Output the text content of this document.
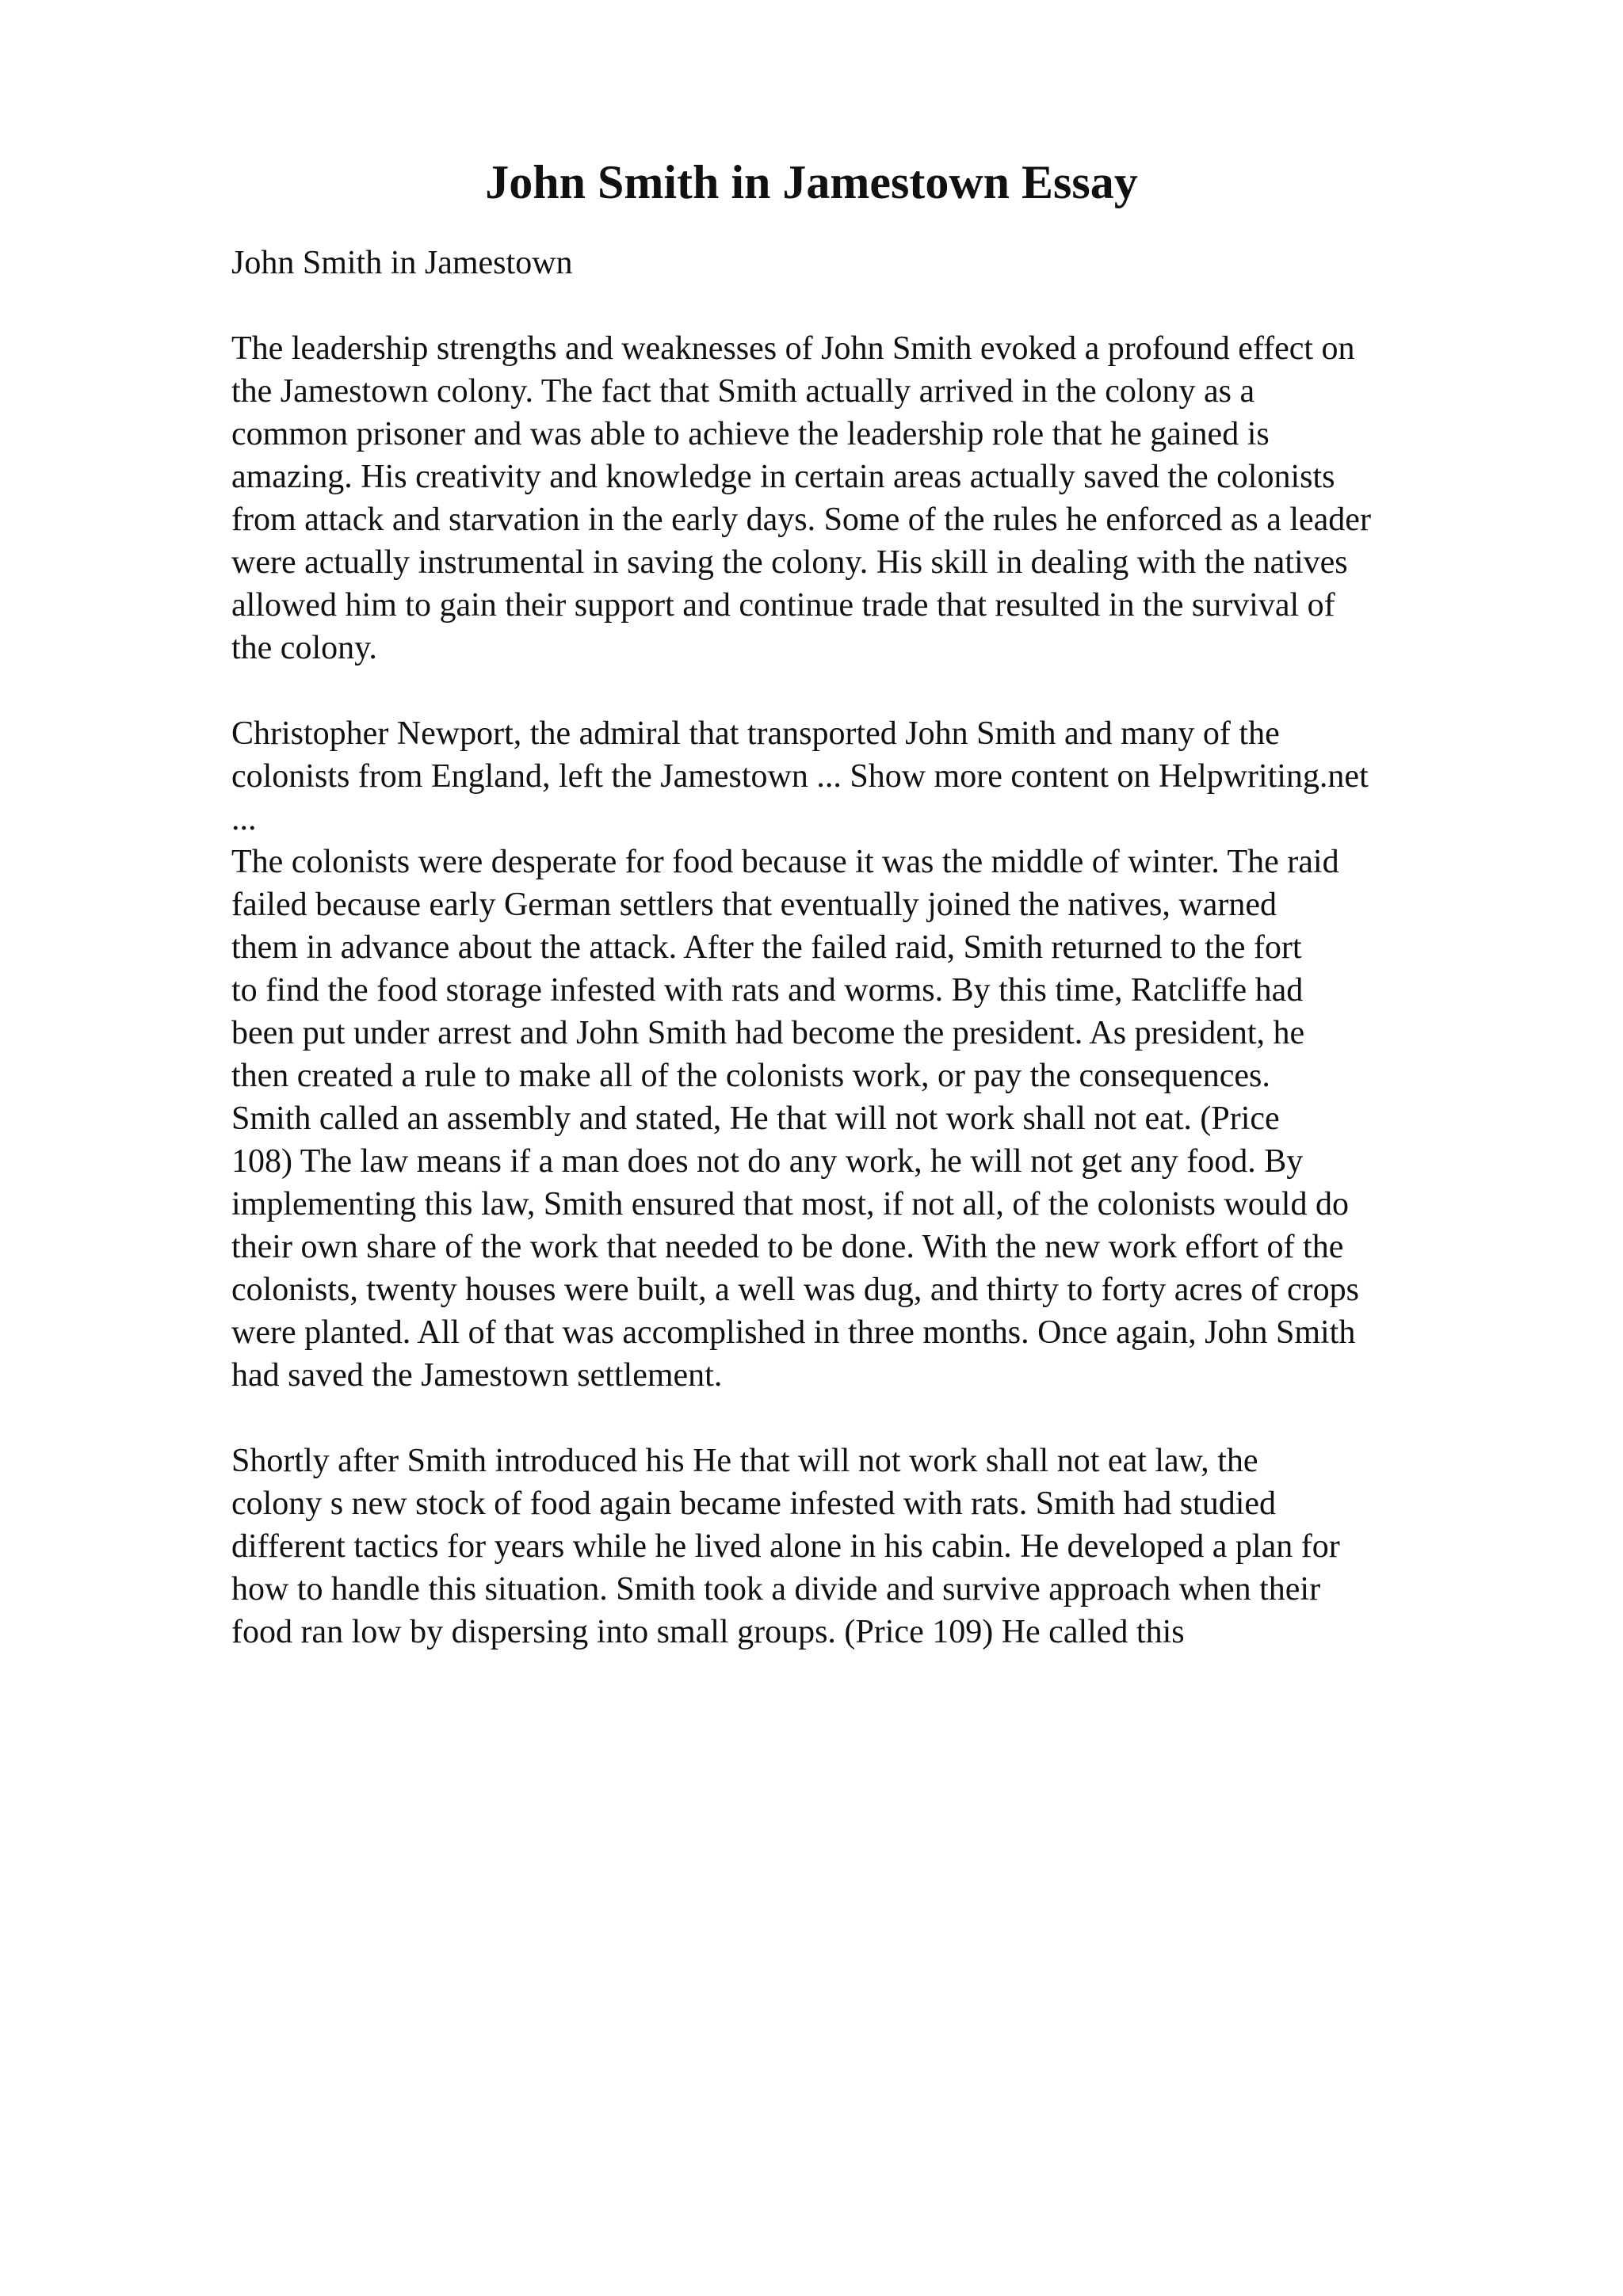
John Smith in Jamestown Essay
John Smith in Jamestown
The leadership strengths and weaknesses of John Smith evoked a profound effect on
the Jamestown colony. The fact that Smith actually arrived in the colony as a
common prisoner and was able to achieve the leadership role that he gained is
amazing. His creativity and knowledge in certain areas actually saved the colonists
from attack and starvation in the early days. Some of the rules he enforced as a leader
were actually instrumental in saving the colony. His skill in dealing with the natives
allowed him to gain their support and continue trade that resulted in the survival of
the colony.
Christopher Newport, the admiral that transported John Smith and many of the
colonists from England, left the Jamestown ... Show more content on Helpwriting.net
...
The colonists were desperate for food because it was the middle of winter. The raid
failed because early German settlers that eventually joined the natives, warned
them in advance about the attack. After the failed raid, Smith returned to the fort
to find the food storage infested with rats and worms. By this time, Ratcliffe had
been put under arrest and John Smith had become the president. As president, he
then created a rule to make all of the colonists work, or pay the consequences.
Smith called an assembly and stated, He that will not work shall not eat. (Price
108) The law means if a man does not do any work, he will not get any food. By
implementing this law, Smith ensured that most, if not all, of the colonists would do
their own share of the work that needed to be done. With the new work effort of the
colonists, twenty houses were built, a well was dug, and thirty to forty acres of crops
were planted. All of that was accomplished in three months. Once again, John Smith
had saved the Jamestown settlement.
Shortly after Smith introduced his He that will not work shall not eat law, the
colony s new stock of food again became infested with rats. Smith had studied
different tactics for years while he lived alone in his cabin. He developed a plan for
how to handle this situation. Smith took a divide and survive approach when their
food ran low by dispersing into small groups. (Price 109) He called this
